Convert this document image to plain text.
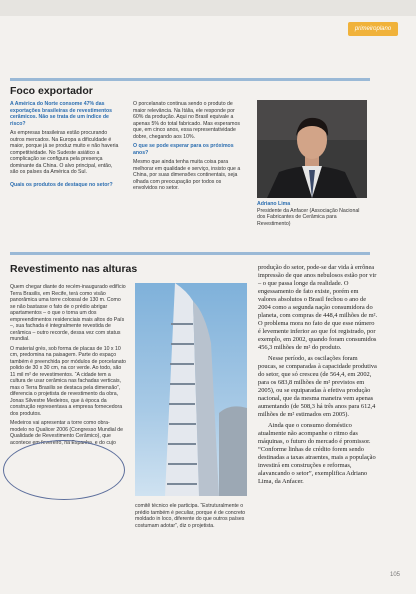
primeiroplano
Foco exportador

A América do Norte consome 47% das exportações brasileiras de revestimentos cerâmicos. Não se trata de um índice de risco?

As empresas brasileiras estão procurando outros mercados. Na Europa a dificuldade é maior, porque já se produz muito e não haveria competitividade. No Sudeste asiático a complicação se configura pela presença dominante da China. O alvo principal, então, são os países da América do Sul.

Quais os produtos de destaque no setor?

O porcelanato continua sendo o produto de maior relevância. Na Itália, ele responde por 60% da produção. Aqui no Brasil equivale a apenas 5% do total fabricado. Mas esperamos que, em cinco anos, essa representatividade dobre, chegando aos 10%.

O que se pode esperar para os próximos anos?

Mesmo que ainda tenha muita coisa para melhorar em qualidade e serviço, insisto que a China, por suas dimensões continentais, seja olhada com preocupação por todos os envolvidos no setor.

Adriano Lima
Presidente da Anfacer (Associação Nacional dos Fabricantes de Cerâmica para Revestimento)
Revestimento nas alturas

Quem chegar diante do recém-inaugurado edifício Terra Brasilis, em Recife, terá como visão panorâmica uma torre colossal de 130 m. Como se não bastasse o fato de o prédio abrigar apartamentos – o que o torna um dos empreendimentos residenciais mais altos do País –, sua fachada é integralmente revestida de cerâmica – outro recorde, dessa vez com status mundial.

O material grés, sob forma de placas de 10 x 10 cm, predomina na paisagem. Parte do espaço também é preenchida por módulos de porcelanato polido de 30 x 30 cm, na cor verde. Ao todo, são 11 mil m² de revestimentos. “A cidade tem a cultura de usar cerâmica nas fachadas verticais, mas o Terra Brasilis se destaca pela dimensão”, diferencia o projetista de revestimento da obra, Jonas Silvestre Medeiros, que à época da construção representava a empresa fornecedora dos produtos.

Medeiros vai apresentar a torre como obra-modelo no Qualicer 2006 (Congresso Mundial de Qualidade de Revestimento Cerâmico), que acontece em fevereiro, na Espanha, e do cujo

comitê técnico ele participa. “Estruturalmente o prédio também é peculiar, porque é de concreto moldado in loco, diferente do que outros países costumam adotar”, diz o projetista.

produção do setor, pode-se dar vida à errônea impressão de que anos nebulosos estão por vir – o que passa longe da realidade. O engessamento de fato existe, porém em valores absolutos o Brasil fechou o ano de 2004 como a segunda nação consumidora do planeta, com compras de 448,4 milhões de m². O problema mora no fato de que esse número é levemente inferior ao que foi registrado, por exemplo, em 2002, quando foram consumidos 456,3 milhões de m² do produto.

Nesse período, as oscilações foram poucas, se comparadas à capacidade produtiva do setor, que só cresceu (de 564,4, em 2002, para os 683,8 milhões de m² previstos em 2005), ou se equiparadas à efetiva produção nacional, que da mesma maneira vem apenas aumentando (de 508,3 há três anos para 612,4 milhões de m² estimados em 2005).

Ainda que o consumo doméstico atualmente não acompanhe o ritmo das máquinas, o futuro do mercado é promissor. “Conforme linhas de crédito forem sendo destinadas a taxas atraentes, mais a população investirá em construções e reformas, alavancando o setor”, exemplifica Adriano Lima, da Anfacer.

105
